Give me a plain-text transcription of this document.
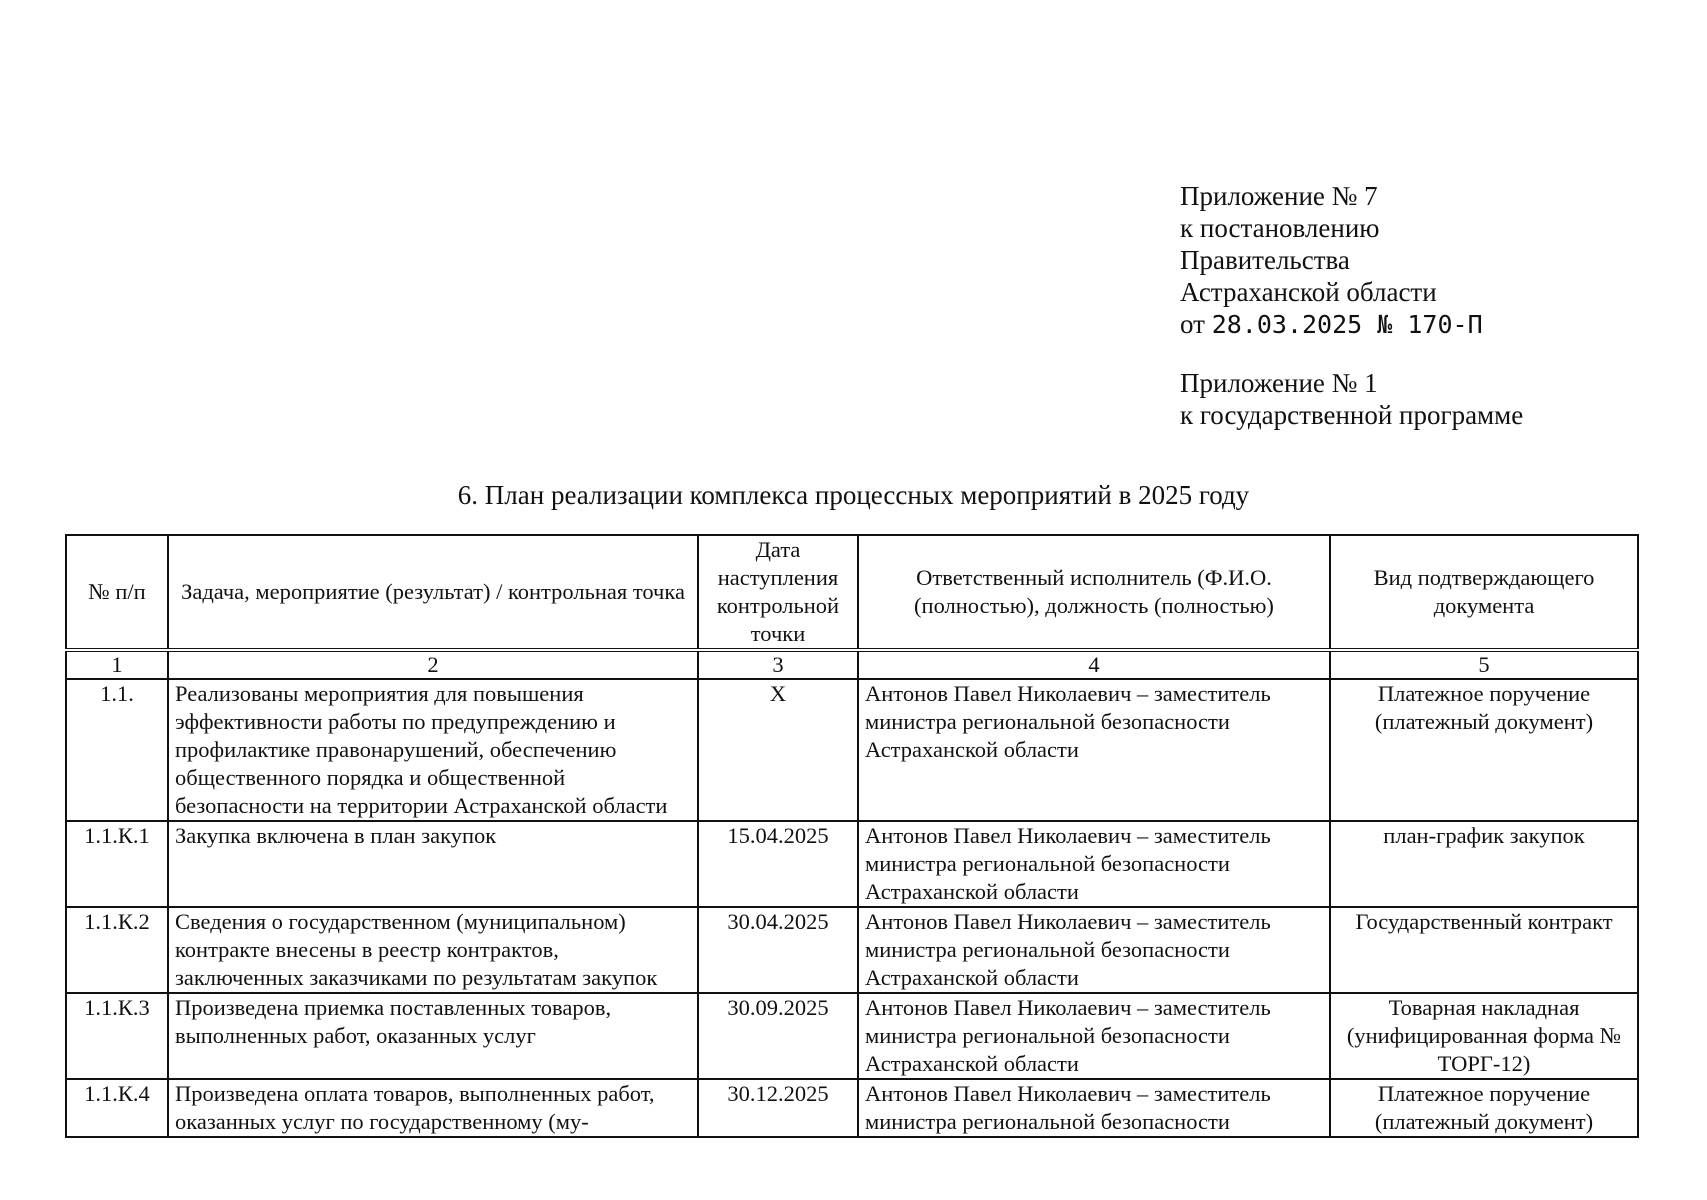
Приложение № 7
к постановлению
Правительства
Астраханской области
от 28.03.2025 № 170-П
Приложение № 1
к государственной программе
6. План реализации комплекса процессных мероприятий в 2025 году
№ п/п	Задача, мероприятие (результат) / контрольная точка	Дата наступления контрольной точки	Ответственный исполнитель (Ф.И.О. (полностью), должность (полностью)	Вид подтверждающего документа
1	2	3	4	5
1.1.	Реализованы мероприятия для повышения эффективности работы по предупреждению и профилактике правонарушений, обеспечению общественного порядка и общественной безопасности на территории Астраханской области	X	Антонов Павел Николаевич – заместитель министра региональной безопасности Астраханской области	Платежное поручение (платежный документ)
1.1.К.1	Закупка включена в план закупок	15.04.2025	Антонов Павел Николаевич – заместитель министра региональной безопасности Астраханской области	план-график закупок
1.1.К.2	Сведения о государственном (муниципальном) контракте внесены в реестр контрактов, заключенных заказчиками по результатам закупок	30.04.2025	Антонов Павел Николаевич – заместитель министра региональной безопасности Астраханской области	Государственный контракт
1.1.К.3	Произведена приемка поставленных товаров, выполненных работ, оказанных услуг	30.09.2025	Антонов Павел Николаевич – заместитель министра региональной безопасности Астраханской области	Товарная накладная (унифицированная форма № ТОРГ-12)
1.1.К.4	Произведена оплата товаров, выполненных работ, оказанных услуг по государственному (му-	30.12.2025	Антонов Павел Николаевич – заместитель министра региональной безопасности	Платежное поручение (платежный документ)
